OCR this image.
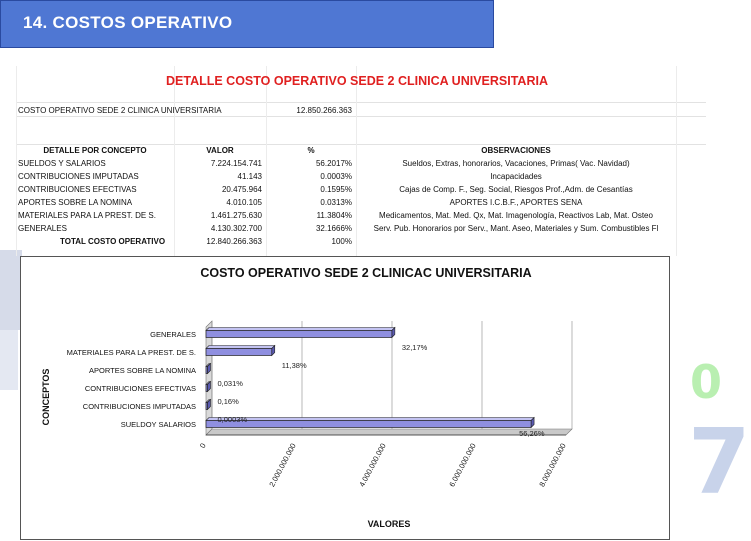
14. COSTOS OPERATIVO
0
7
DETALLE COSTO OPERATIVO SEDE 2 CLINICA UNIVERSITARIA
COSTO OPERATIVO SEDE 2 CLINICA UNIVERSITARIA	12.850.266.363
DETALLE POR CONCEPTO	VALOR	%	OBSERVACIONES
SUELDOS Y SALARIOS	7.224.154.741	56.2017%	Sueldos, Extras, honorarios, Vacaciones, Primas( Vac. Navidad)
CONTRIBUCIONES IMPUTADAS	41.143	0.0003%	Incapacidades
CONTRIBUCIONES EFECTIVAS	20.475.964	0.1595%	Cajas de Comp. F., Seg. Social, Riesgos Prof.,Adm. de Cesantías
APORTES SOBRE LA NOMINA	4.010.105	0.0313%	APORTES I.C.B.F., APORTES SENA
MATERIALES PARA LA PREST. DE S.	1.461.275.630	11.3804%	Medicamentos, Mat. Med. Qx, Mat. Imagenología, Reactivos Lab, Mat. Osteo
GENERALES	4.130.302.700	32.1666%	Serv. Pub. Honorarios por Serv., Mant. Aseo, Materiales y Sum. Combustibles Fl
TOTAL COSTO OPERATIVO	12.840.266.363	100%
COSTO OPERATIVO SEDE 2 CLINICAC UNIVERSITARIA
SUELDOY SALARIOS
56,26%
CONTRIBUCIONES IMPUTADAS
0,0003%
CONTRIBUCIONES EFECTIVAS
0,16%
APORTES SOBRE LA NOMINA
0,031%
MATERIALES PARA LA PREST. DE S.
11,38%
GENERALES
32,17%
0	2.000.000.000	4.000.000.000	6.000.000.000	8.000.000.000
VALORES
CONCEPTOS
